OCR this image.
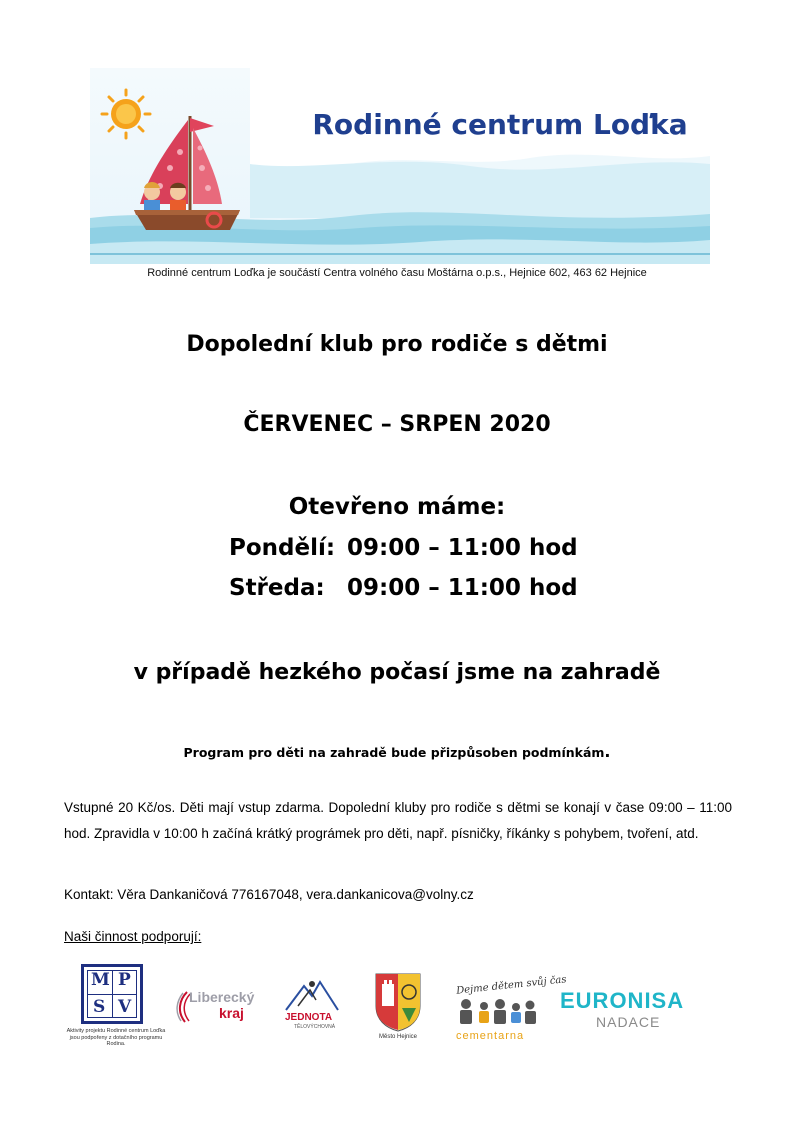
Rodinné centrum Loďka
Rodinné centrum Loďka je součástí Centra volného času Moštárna o.p.s., Hejnice 602, 463 62 Hejnice
Dopolední klub pro rodiče s dětmi
ČERVENEC – SRPEN 2020
Otevřeno máme:
Pondělí: 09:00 – 11:00 hod
Středa: 09:00 – 11:00 hod
v případě hezkého počasí jsme na zahradě
Program pro děti na zahradě bude přizpůsoben podmínkám.
Vstupné 20 Kč/os. Děti mají vstup zdarma. Dopolední kluby pro rodiče s dětmi se konají v čase 09:00 – 11:00 hod. Zpravidla v 10:00 h začíná krátký prográmek pro děti, např. písničky, říkánky s pohybem, tvoření, atd.
Kontakt: Věra Dankaničová 776167048, vera.dankanicova@volny.cz
Naši činnost podporují:
M P
S V
Aktivity projektu Rodinné centrum Loďka jsou podpořeny z dotačního programu Rodina.
Liberecký
kraj	JEDNOTA
TĚLOVÝCHOVNÁ
Město Hejnice
Dejme dětem svůj čas
cementarna
EURONISA
NADACE
